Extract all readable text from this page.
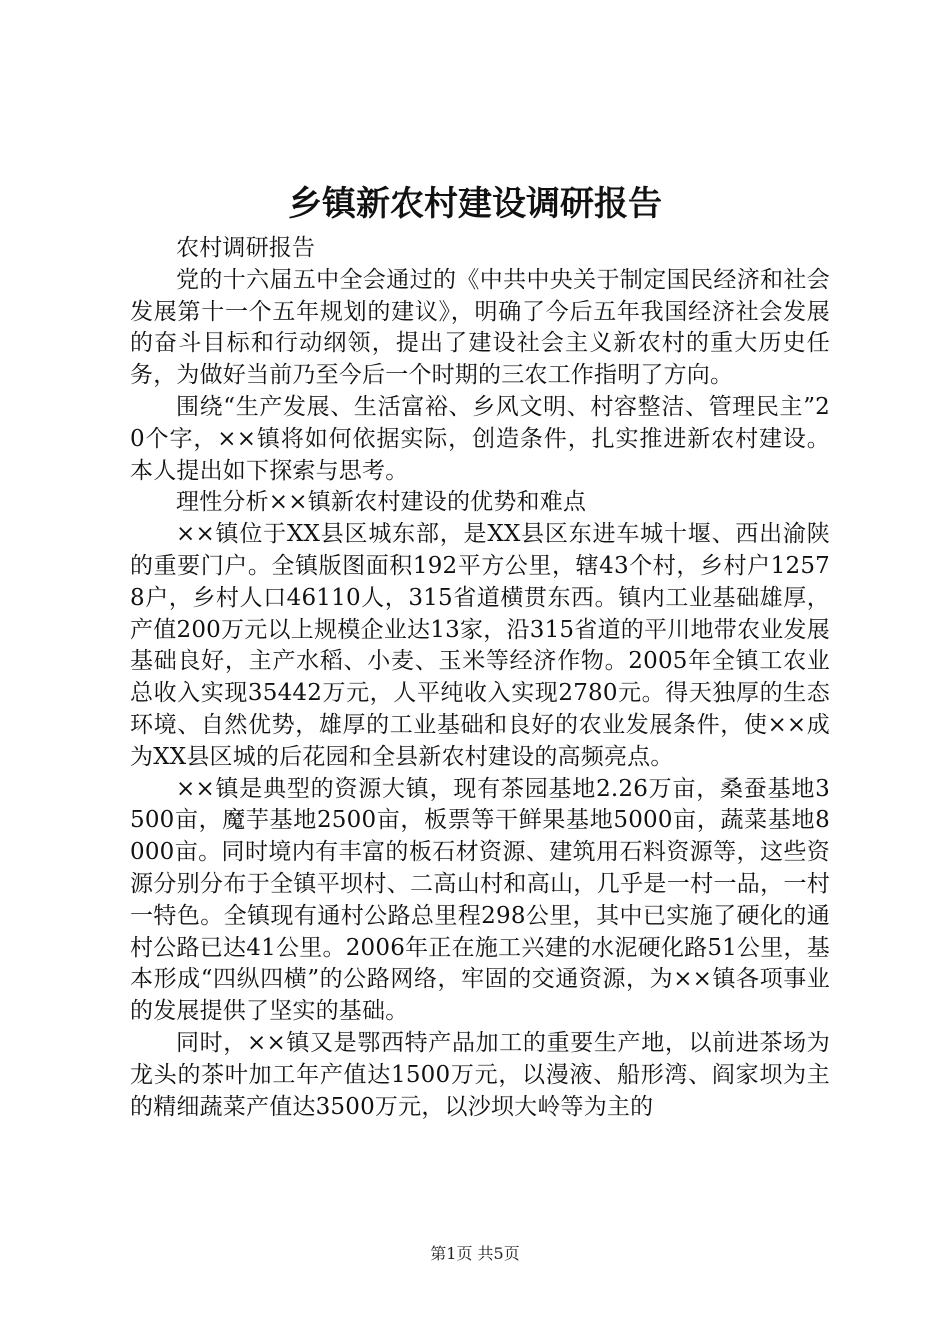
乡镇新农村建设调研报告

农村调研报告

党的十六届五中全会通过的《中共中央关于制定国民经济和社会发展第十一个五年规划的建议》，明确了今后五年我国经济社会发展的奋斗目标和行动纲领，提出了建设社会主义新农村的重大历史任务，为做好当前乃至今后一个时期的三农工作指明了方向。

围绕“生产发展、生活富裕、乡风文明、村容整洁、管理民主”20个字，××镇将如何依据实际，创造条件，扎实推进新农村建设。本人提出如下探索与思考。

理性分析××镇新农村建设的优势和难点

××镇位于XX县区城东部，是XX县区东进车城十堰、西出渝陕的重要门户。全镇版图面积192平方公里，辖43个村，乡村户12578户，乡村人口46110人，315省道横贯东西。镇内工业基础雄厚，产值200万元以上规模企业达13家，沿315省道的平川地带农业发展基础良好，主产水稻、小麦、玉米等经济作物。2005年全镇工农业总收入实现35442万元，人平纯收入实现2780元。得天独厚的生态环境、自然优势，雄厚的工业基础和良好的农业发展条件，使××成为XX县区城的后花园和全县新农村建设的高频亮点。

××镇是典型的资源大镇，现有茶园基地2.26万亩，桑蚕基地3500亩，魔芋基地2500亩，板票等干鲜果基地5000亩，蔬菜基地8000亩。同时境内有丰富的板石材资源、建筑用石料资源等，这些资源分别分布于全镇平坝村、二高山村和高山，几乎是一村一品，一村一特色。全镇现有通村公路总里程298公里，其中已实施了硬化的通村公路已达41公里。2006年正在施工兴建的水泥硬化路51公里，基本形成“四纵四横”的公路网络，牢固的交通资源，为××镇各项事业的发展提供了坚实的基础。

同时，××镇又是鄂西特产品加工的重要生产地，以前进茶场为龙头的茶叶加工年产值达1500万元，以漫液、船形湾、阎家坝为主的精细蔬菜产值达3500万元，以沙坝大岭等为主的

第1页 共5页
